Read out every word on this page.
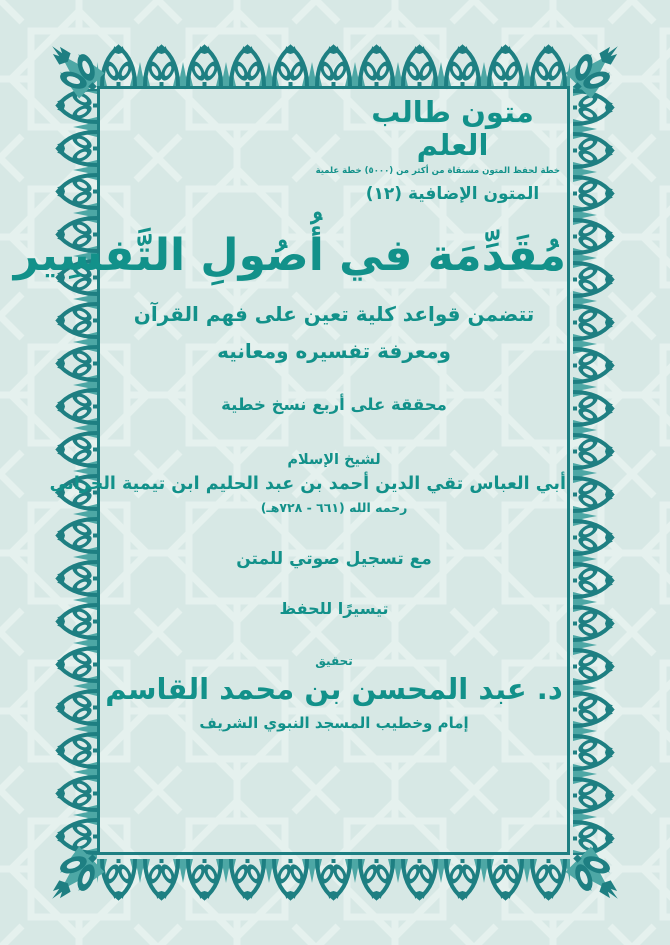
متون طالب العلم
خطة لحفظ المتون مستقاة من أكثر من (٥٠٠٠) خطة علمية
المتون الإضافية (١٢)
مُقَدِّمَة في أُصُولِ التَّفسِير
تتضمن قواعد كلية تعين على فهم القرآن
ومعرفة تفسيره ومعانيه
محققة على أربع نسخ خطية
لشيخ الإسلام
أبي العباس تقي الدين أحمد بن عبد الحليم ابن تيمية الحراني
رحمه الله (٦٦١ - ٧٢٨هـ)
مع تسجيل صوتي للمتن
تيسيرًا للحفظ
تحقيق
د. عبد المحسن بن محمد القاسم
إمام وخطيب المسجد النبوي الشريف
